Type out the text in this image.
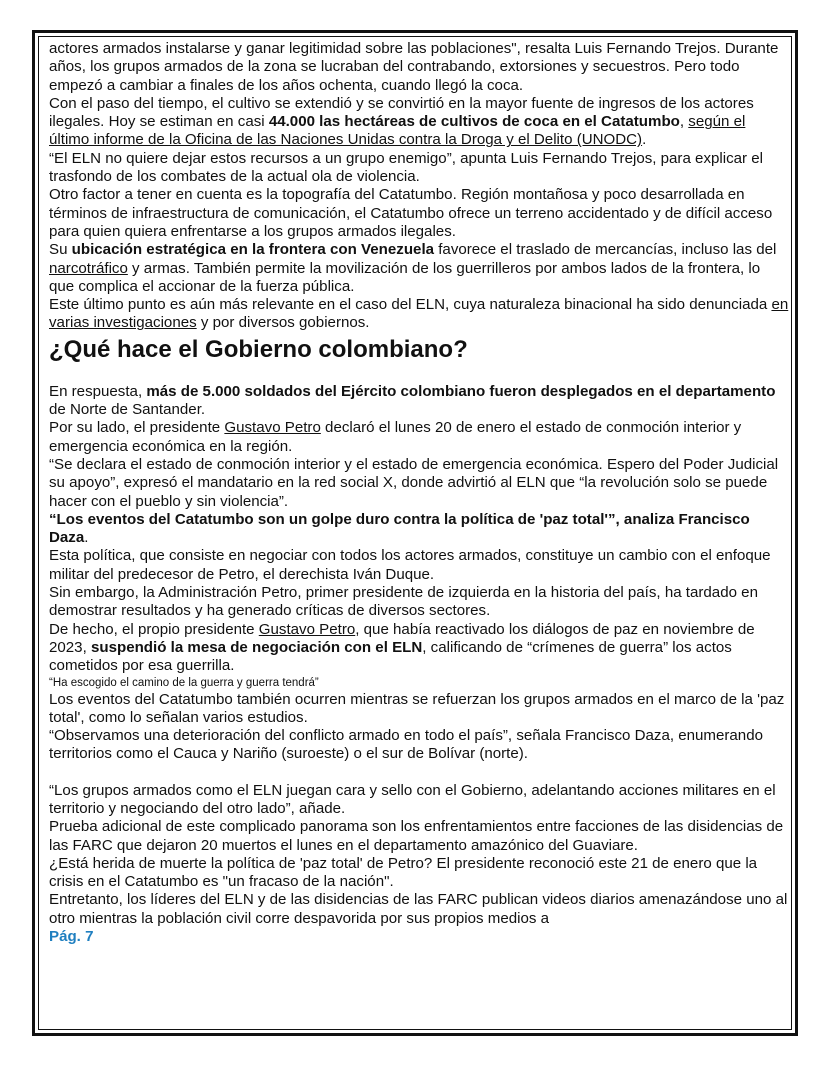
actores armados instalarse y ganar legitimidad sobre las poblaciones", resalta Luis Fernando Trejos. Durante años, los grupos armados de la zona se lucraban del contrabando, extorsiones y secuestros. Pero todo empezó a cambiar a finales de los años ochenta, cuando llegó la coca.

Con el paso del tiempo, el cultivo se extendió y se convirtió en la mayor fuente de ingresos de los actores ilegales. Hoy se estiman en casi 44.000 las hectáreas de cultivos de coca en el Catatumbo, según el último informe de la Oficina de las Naciones Unidas contra la Droga y el Delito (UNODC).

“El ELN no quiere dejar estos recursos a un grupo enemigo”, apunta Luis Fernando Trejos, para explicar el trasfondo de los combates de la actual ola de violencia.

Otro factor a tener en cuenta es la topografía del Catatumbo. Región montañosa y poco desarrollada en términos de infraestructura de comunicación, el Catatumbo ofrece un terreno accidentado y de difícil acceso para quien quiera enfrentarse a los grupos armados ilegales.

Su ubicación estratégica en la frontera con Venezuela favorece el traslado de mercancías, incluso las del narcotráfico y armas. También permite la movilización de los guerrilleros por ambos lados de la frontera, lo que complica el accionar de la fuerza pública.

Este último punto es aún más relevante en el caso del ELN, cuya naturaleza binacional ha sido denunciada en varias investigaciones y por diversos gobiernos.

¿Qué hace el Gobierno colombiano?

En respuesta, más de 5.000 soldados del Ejército colombiano fueron desplegados en el departamento de Norte de Santander.

Por su lado, el presidente Gustavo Petro declaró el lunes 20 de enero el estado de conmoción interior y emergencia económica en la región.

“Se declara el estado de conmoción interior y el estado de emergencia económica. Espero del Poder Judicial su apoyo”, expresó el mandatario en la red social X, donde advirtió al ELN que “la revolución solo se puede hacer con el pueblo y sin violencia”.

“Los eventos del Catatumbo son un golpe duro contra la política de 'paz total'”, analiza Francisco Daza.

Esta política, que consiste en negociar con todos los actores armados, constituye un cambio con el enfoque militar del predecesor de Petro, el derechista Iván Duque.

Sin embargo, la Administración Petro, primer presidente de izquierda en la historia del país, ha tardado en demostrar resultados y ha generado críticas de diversos sectores.

De hecho, el propio presidente Gustavo Petro, que había reactivado los diálogos de paz en noviembre de 2023, suspendió la mesa de negociación con el ELN, calificando de “crímenes de guerra” los actos cometidos por esa guerrilla.

“Ha escogido el camino de la guerra y guerra tendrá”

Los eventos del Catatumbo también ocurren mientras se refuerzan los grupos armados en el marco de la 'paz total', como lo señalan varios estudios.

“Observamos una deterioración del conflicto armado en todo el país”, señala Francisco Daza, enumerando territorios como el Cauca y Nariño (suroeste) o el sur de Bolívar (norte).

“Los grupos armados como el ELN juegan cara y sello con el Gobierno, adelantando acciones militares en el territorio y negociando del otro lado”, añade.

Prueba adicional de este complicado panorama son los enfrentamientos entre facciones de las disidencias de las FARC que dejaron 20 muertos el lunes en el departamento amazónico del Guaviare.

¿Está herida de muerte la política de 'paz total' de Petro? El presidente reconoció este 21 de enero que la crisis en el Catatumbo es "un fracaso de la nación".

Entretanto, los líderes del ELN y de las disidencias de las FARC publican videos diarios amenazándose uno al otro mientras la población civil corre despavorida por sus propios medios a

Pág. 7
